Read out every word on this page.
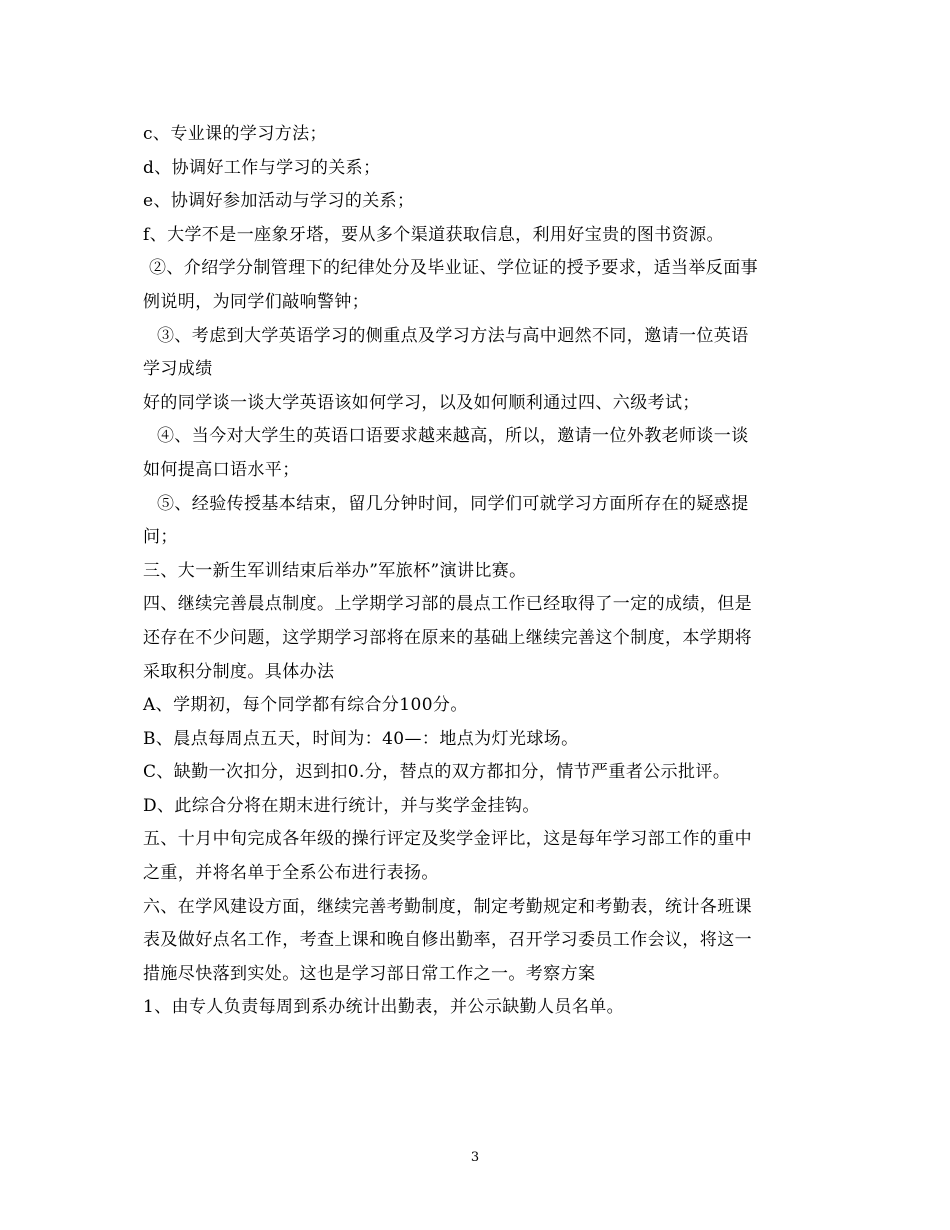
c、专业课的学习方法；
d、协调好工作与学习的关系；
e、协调好参加活动与学习的关系；
f、大学不是一座象牙塔，要从多个渠道获取信息，利用好宝贵的图书资源。
②、介绍学分制管理下的纪律处分及毕业证、学位证的授予要求，适当举反面事
例说明，为同学们敲响警钟；
③、考虑到大学英语学习的侧重点及学习方法与高中迥然不同，邀请一位英语
学习成绩
好的同学谈一谈大学英语该如何学习，以及如何顺利通过四、六级考试；
④、当今对大学生的英语口语要求越来越高，所以，邀请一位外教老师谈一谈
如何提高口语水平；
⑤、经验传授基本结束，留几分钟时间，同学们可就学习方面所存在的疑惑提
问；
三、大一新生军训结束后举办”军旅杯”演讲比赛。
四、继续完善晨点制度。上学期学习部的晨点工作已经取得了一定的成绩，但是
还存在不少问题，这学期学习部将在原来的基础上继续完善这个制度，本学期将
采取积分制度。具体办法
A、学期初，每个同学都有综合分100分。
B、晨点每周点五天，时间为：40—：地点为灯光球场。
C、缺勤一次扣分，迟到扣0.分，替点的双方都扣分，情节严重者公示批评。
D、此综合分将在期末进行统计，并与奖学金挂钩。
五、十月中旬完成各年级的操行评定及奖学金评比，这是每年学习部工作的重中
之重，并将名单于全系公布进行表扬。
六、在学风建设方面，继续完善考勤制度，制定考勤规定和考勤表，统计各班课
表及做好点名工作，考查上课和晚自修出勤率，召开学习委员工作会议，将这一
措施尽快落到实处。这也是学习部日常工作之一。考察方案
1、由专人负责每周到系办统计出勤表，并公示缺勤人员名单。
3
